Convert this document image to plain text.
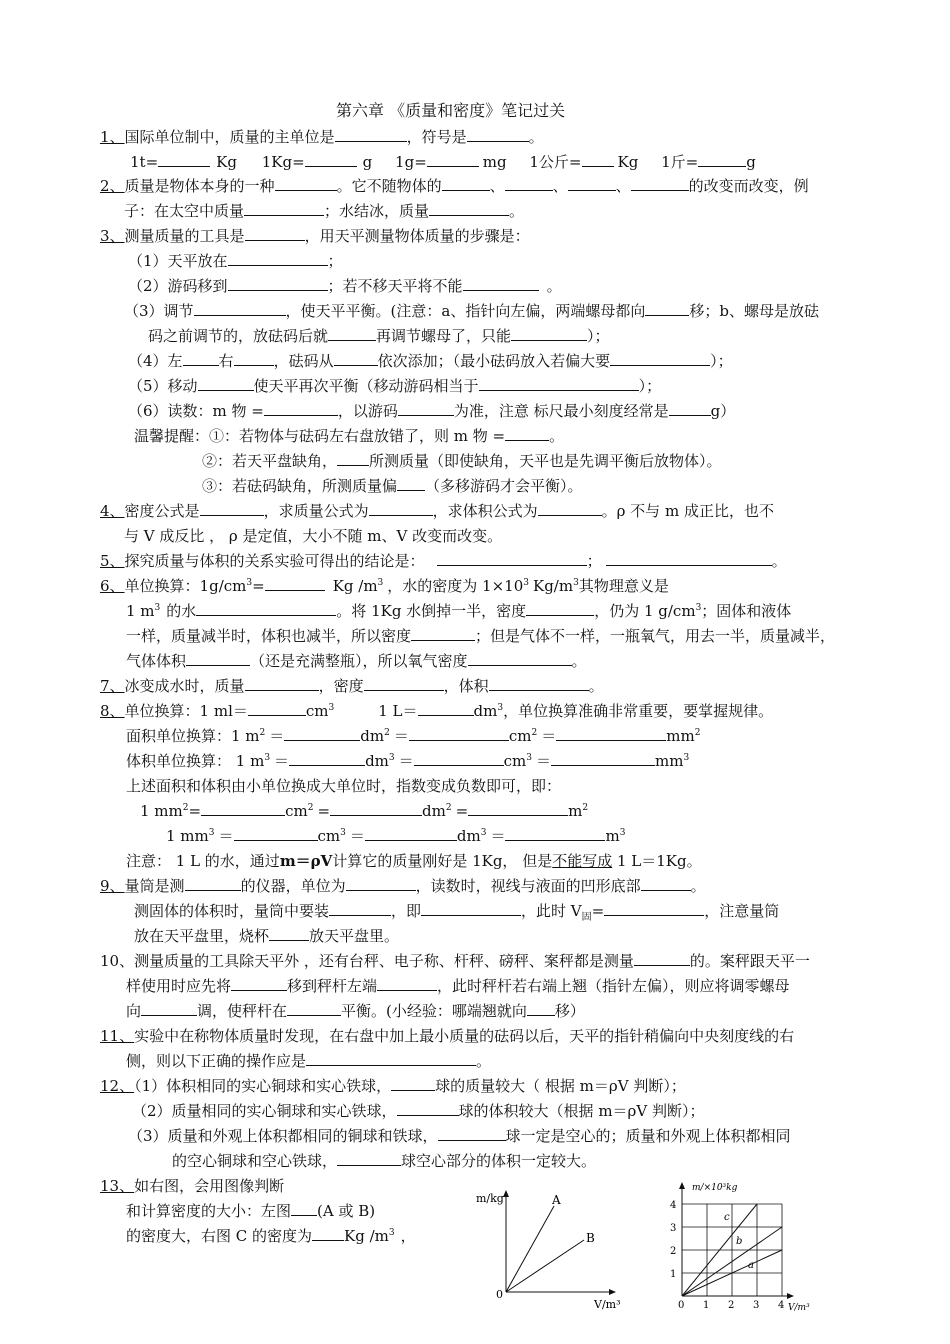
第六章 《质量和密度》笔记过关
1、国际单位制中，质量的主单位是	，符号是	。
1t=	Kg 1Kg=	g 1g=	mg 1公斤= Kg 1斤=	g
2、质量是物体本身的一种	。它不随物体的	、	、	、	的改变而改变，例
子：在太空中质量	；水结冰，质量	。
3、测量质量的工具是	，用天平测量物体质量的步骤是：
（1）天平放在	；
（2）游码移到	；若不移天平将不能	。
（3）调节	，使天平平衡。(注意：a、指针向左偏，两端螺母都向	移；b、螺母是放砝
码之前调节的，放砝码后就	再调节螺母了，只能	）；
（4）左 右	，砝码从	依次添加；（最小砝码放入若偏大要	）；
（5）移动	使天平再次平衡（移动游码相当于	）；
（6）读数：m 物 =	，以游码	为准，注意 标尺最小刻度经常是	g）
温馨提醒：①：若物体与砝码左右盘放错了，则 m 物 =	。
②：若天平盘缺角， 所测质量（即使缺角，天平也是先调平衡后放物体）。
③：若砝码缺角，所测质量偏 （多移游码才会平衡）。
4、密度公式是	，求质量公式为	，求体积公式为	。ρ 不与 m 成正比，也不
与 V 成反比 ， ρ 是定值，大小不随 m、V 改变而改变。
5、探究质量与体积的关系实验可得出的结论是：	；	。
6、单位换算：$1g/cm^3=$	Kg $/m^3$ ，水的密度为 $1\times 10^3$ $Kg/m^3$其物理意义是
1 $m^3$ 的水	。将 1Kg 水倒掉一半，密度	，仍为 1 $g/cm^3$；固体和液体
一样，质量减半时，体积也减半，所以密度	；但是气体不一样，一瓶氧气，用去一半，质量减半，
气体体积	（还是充满整瓶），所以氧气密度	。
7、冰变成水时，质量	，密度	，体积	。
8、单位换算：1 ml＝	$cm^3$	1 L＝	$dm^3$，单位换算准确非常重要，要掌握规律。
面积单位换算：1 $m^2$ ＝	$dm^2$ ＝	$cm^2$ ＝	$mm^2$
体积单位换算： 1 $m^3$ ＝	$dm^3$ ＝	$cm^3$ ＝	$mm^3$
上述面积和体积由小单位换成大单位时，指数变成负数即可，即：
1 $mm^2=$	$cm^2$ =	$dm^2$ =	$m^2$
1 $mm^3$ ＝	$cm^3$ ＝	$dm^3$ ＝	$m^3$
注意： 1 L 的水，通过m＝ρV计算它的质量刚好是 1Kg， 但是不能写成 1 L＝1Kg。
9、量筒是测	的仪器，单位为	，读数时，视线与液面的凹形底部	。
测固体的体积时，量筒中要装	，即	，此时 $V_固=$	，注意量筒
放在天平盘里，烧杯	放天平盘里。
10、测量质量的工具除天平外 ，还有台秤、电子称、杆秤、磅秤、案秤都是测量	的。案秤跟天平一
样使用时应先将	移到秤杆左端	，此时秤杆若右端上翘（指针左偏），则应将调零螺母
向	调，使秤杆在	平衡。(小经验：哪端翘就向 移）
11、实验中在称物体质量时发现，在右盘中加上最小质量的砝码以后，天平的指针稍偏向中央刻度线的右
侧，则以下正确的操作应是	。
12、（1）体积相同的实心铜球和实心铁球，	球的质量较大（ 根据 m＝ρV 判断）；
（2）质量相同的实心铜球和实心铁球，	球的体积较大（根据 m＝ρV 判断）；
（3）质量和外观上体积都相同的铜球和铁球，	球一定是空心的；质量和外观上体积都相同
的空心铜球和空心铁球，	球空心部分的体积一定较大。
13、如右图，会用图像判断
和计算密度的大小：左图 (A 或 B)
的密度大，右图 C 的密度为 Kg $/m^3$ ，
m/kg
V/m³
0
A
B
m/×10³kg
V/m³
1
2
3
4
0 1 2 3 4
c
b
a
